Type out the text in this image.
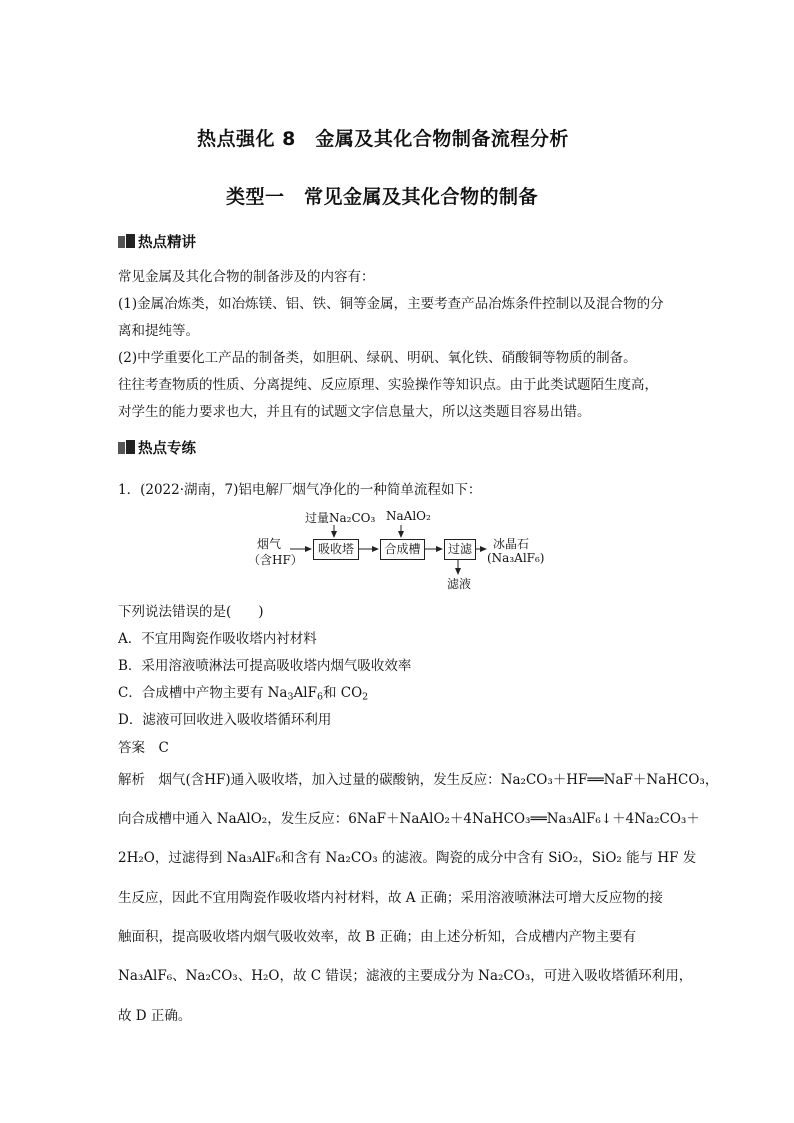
热点强化 8　金属及其化合物制备流程分析
类型一　常见金属及其化合物的制备
热点精讲
常见金属及其化合物的制备涉及的内容有：
(1)金属冶炼类，如冶炼镁、铝、铁、铜等金属，主要考查产品冶炼条件控制以及混合物的分
离和提纯等。
(2)中学重要化工产品的制备类，如胆矾、绿矾、明矾、氧化铁、硝酸铜等物质的制备。
往往考查物质的性质、分离提纯、反应原理、实验操作等知识点。由于此类试题陌生度高，
对学生的能力要求也大，并且有的试题文字信息量大，所以这类题目容易出错。
热点专练
1．(2022·湖南，7)铝电解厂烟气净化的一种简单流程如下：
过量Na₂CO₃ NaAlO₂
烟气
（含HF）
吸收塔	合成槽	过滤	冰晶石
(Na₃AlF₆)
滤液
下列说法错误的是(　　)
A．不宜用陶瓷作吸收塔内衬材料
B．采用溶液喷淋法可提高吸收塔内烟气吸收效率
C．合成槽中产物主要有 $Na_3AlF_6$和 $CO_2$
D．滤液可回收进入吸收塔循环利用
答案　C
解析　烟气(含HF)通入吸收塔，加入过量的碳酸钠，发生反应：Na₂CO₃＋HF══NaF＋NaHCO₃，
向合成槽中通入 NaAlO₂，发生反应：6NaF＋NaAlO₂＋4NaHCO₃══Na₃AlF₆↓＋4Na₂CO₃＋
2H₂O，过滤得到 Na₃AlF₆和含有 Na₂CO₃ 的滤液。陶瓷的成分中含有 SiO₂，SiO₂ 能与 HF 发
生反应，因此不宜用陶瓷作吸收塔内衬材料，故 A 正确；采用溶液喷淋法可增大反应物的接
触面积，提高吸收塔内烟气吸收效率，故 B 正确；由上述分析知，合成槽内产物主要有
Na₃AlF₆、Na₂CO₃、H₂O，故 C 错误；滤液的主要成分为 Na₂CO₃，可进入吸收塔循环利用，
故 D 正确。
